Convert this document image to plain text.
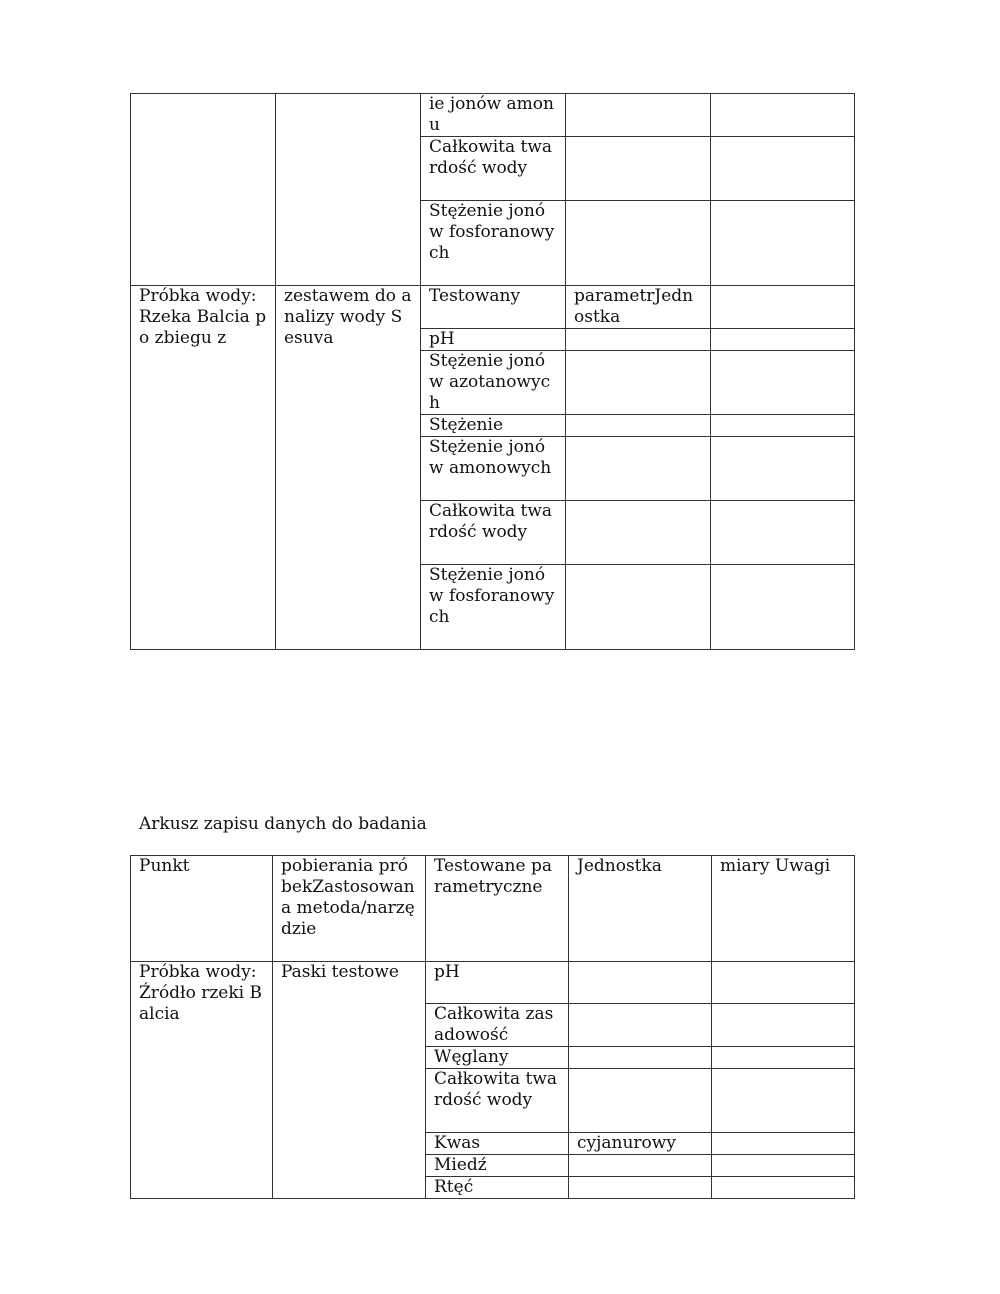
		ie jonów amonu		
		Całkowita twardość wody		
		Stężenie jonów fosforanowych		
Próbka wody: Rzeka Balcia po zbiegu z	zestawem do analizy wody Sesuva	Testowany	parametrJednostka	
		pH		
		Stężenie jonów azotanowych		
		Stężenie		
		Stężenie jonów amonowych		
		Całkowita twardość wody		
		Stężenie jonów fosforanowych		
Arkusz zapisu danych do badania
Punkt	pobierania próbekZastosowana metoda/narzędzie	Testowane parametryczne	Jednostka	miary Uwagi
Próbka wody: Źródło rzeki Balcia	Paski testowe	pH		
		Całkowita zasadowość		
		Węglany		
		Całkowita twardość wody		
		Kwas	cyjanurowy	
		Miedź		
		Rtęć		
